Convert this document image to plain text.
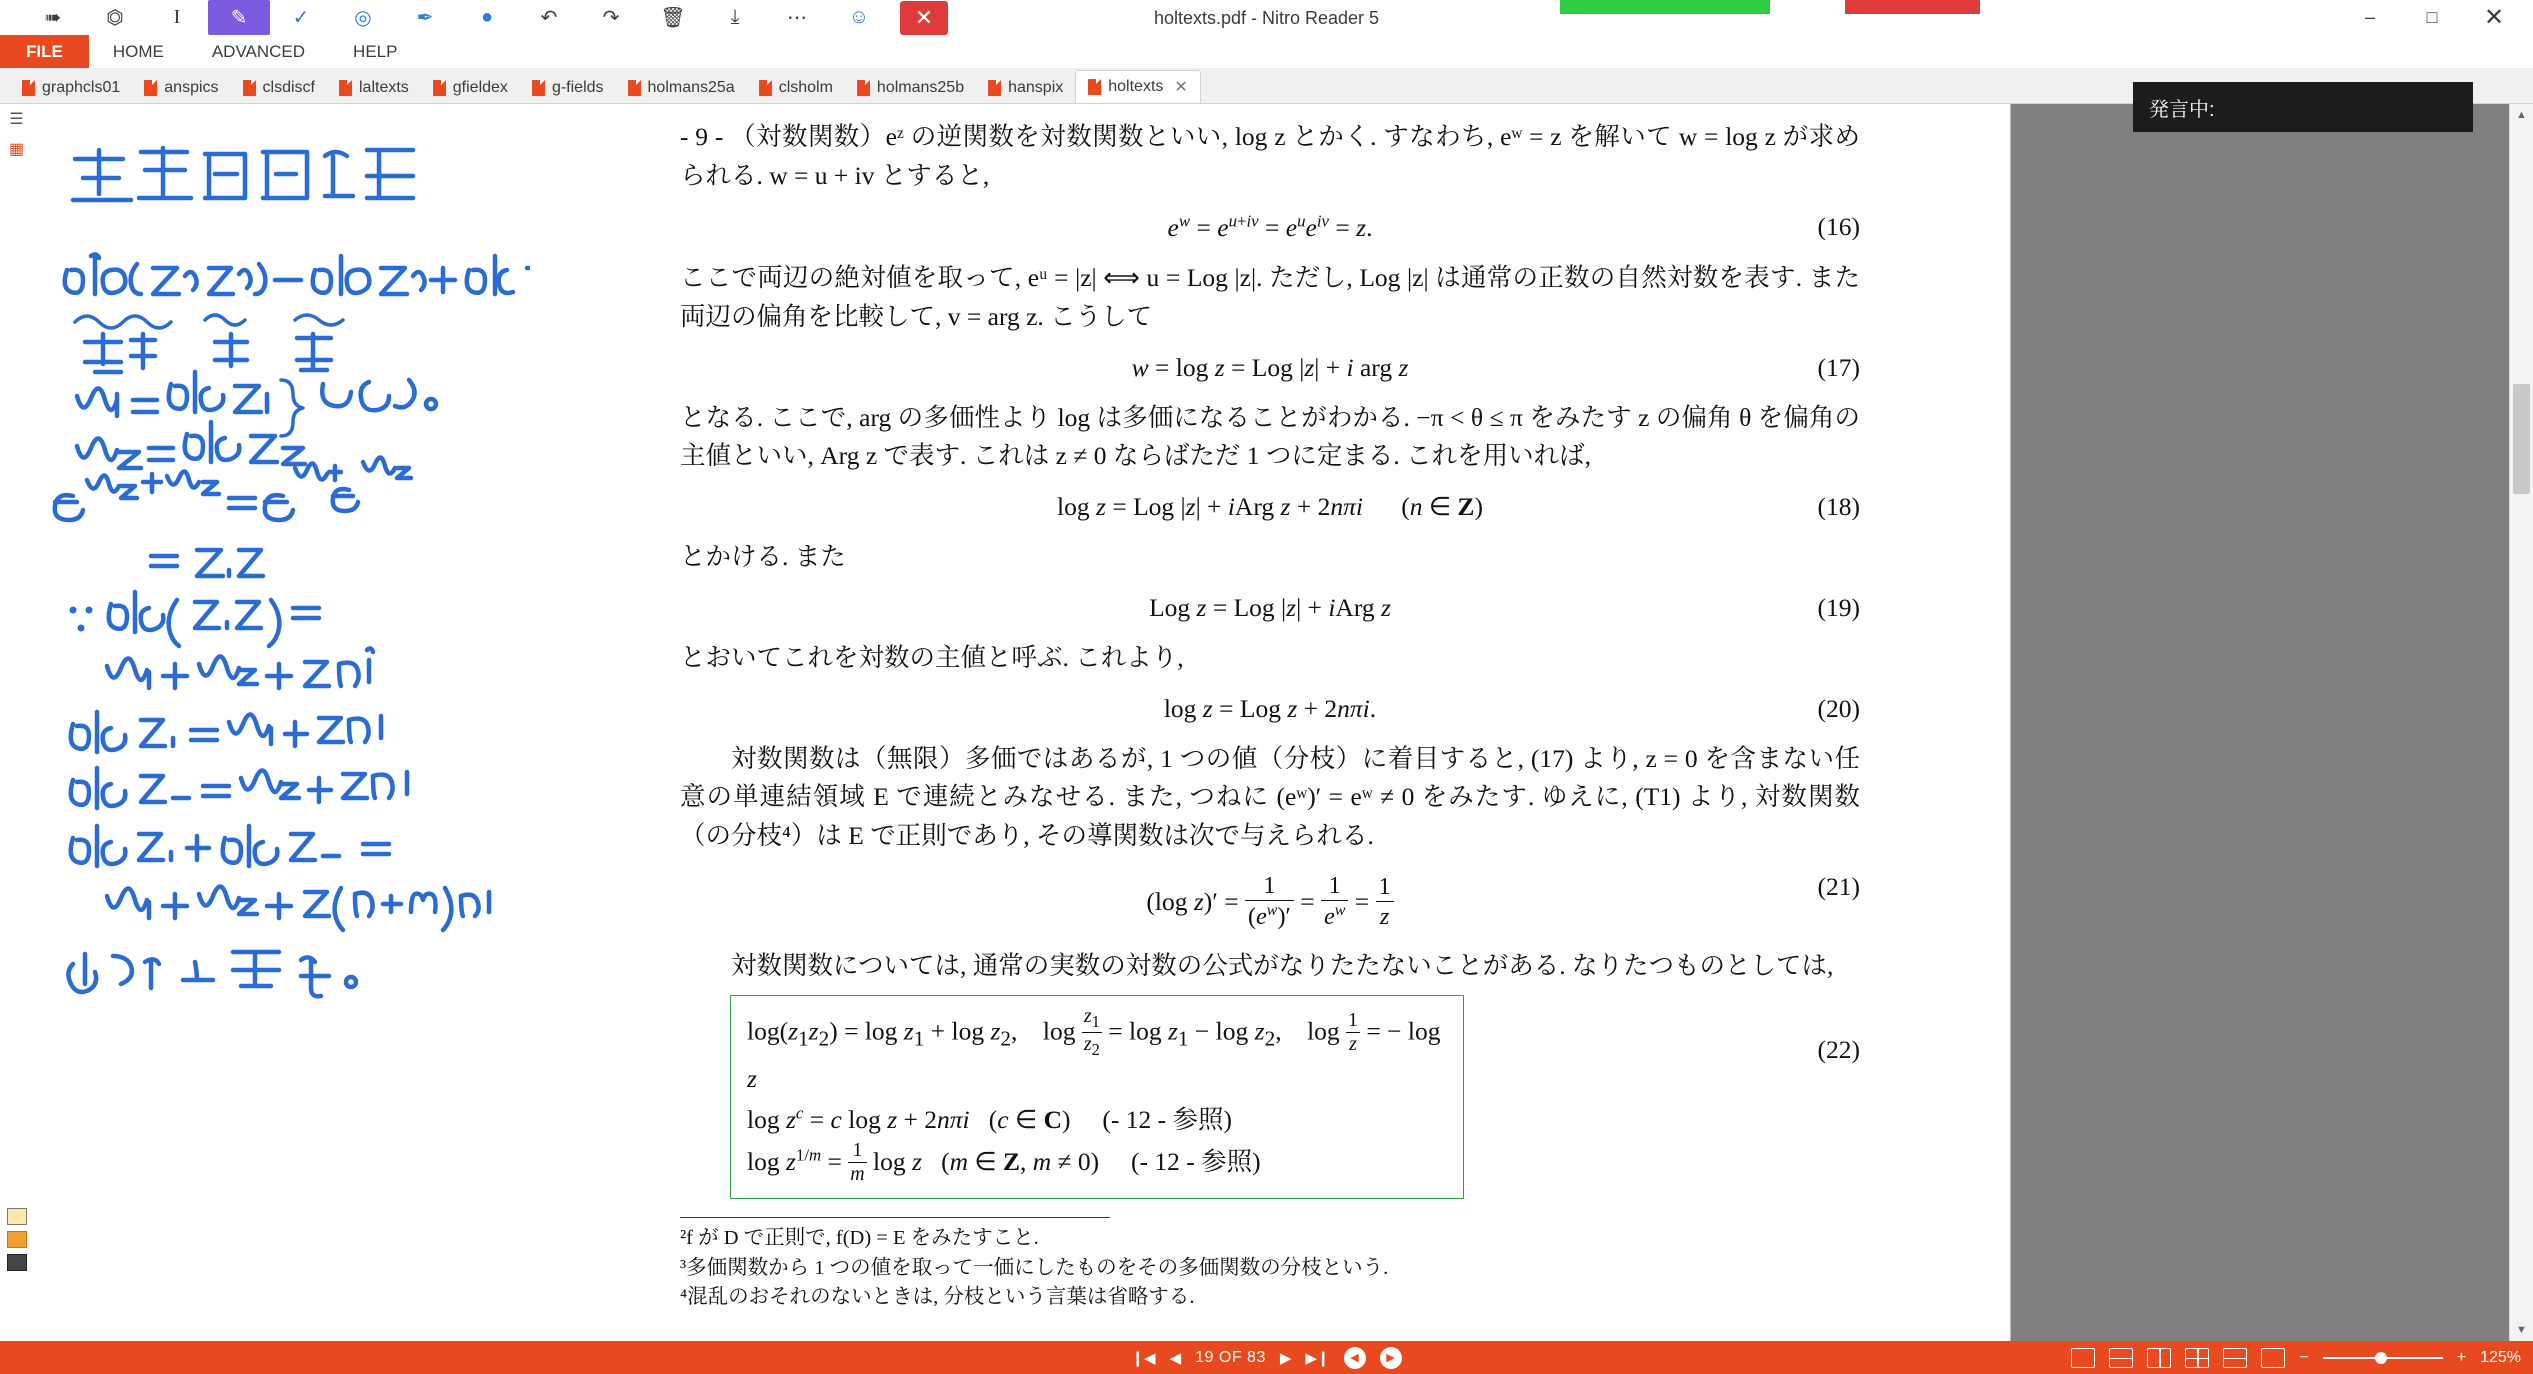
➠	⏣	I	✎	✓	◎	✒	●	↶	↷	🗑	⤓	⋯	☺	✕	holtexts.pdf - Nitro Reader 5	–	□	✕
FILE	HOME	ADVANCED	HELP
graphcls01	anspics	clsdiscf	laltexts	gfieldex	g-fields	holmans25a	clsholm	holmans25b	hanspix	holtexts ✕
☰
▦	- 9 - （対数関数）eᶻ の逆関数を対数関数といい, log z とかく. すなわち, eʷ = z を解いて w = log z が求められる. w = u + iv とすると,

$e^w = e^{u+iv} = e^ue^{iv} = z$.	(16)

ここで両辺の絶対値を取って, eᵘ = |z| ⟺ u = Log |z|. ただし, Log |z| は通常の正数の自然対数を表す. また両辺の偏角を比較して, v = arg z. こうして

w = log z = Log |z| + i arg z	(17)

となる. ここで, arg の多価性より log は多価になることがわかる. −π < θ ≤ π をみたす z の偏角 θ を偏角の主値といい, Arg z で表す. これは z ≠ 0 ならばただ 1 つに定まる. これを用いれば,

log z = Log |z| + iArg z + 2nπi      (n ∈ Z)	(18)

とかける. また

Log z = Log |z| + iArg z	(19)

とおいてこれを対数の主値と呼ぶ. これより,

log z = Log z + 2nπi.	(20)

対数関数は（無限）多価ではあるが, 1 つの値（分枝）に着目すると, (17) より, z = 0 を含まない任意の単連結領域 E で連続とみなせる. また, つねに (eʷ)′ = eʷ ≠ 0 をみたす. ゆえに, (T1) より, 対数関数（の分枝⁴）は E で正則であり, その導関数は次で与えられる.

(log $z)' = \frac{1}{(e^w)'} = \frac{1}{e^w} = \frac{1}{z}$	(21)

対数関数については, 通常の実数の対数の公式がなりたたないことがある. なりたつものとしては,

$\log(z_1z_2) = \log z_1 + \log z_2$,    $\log \frac{z_1}{z_2} = \log z_1 - \log z_2$,    $\log \frac{1}{z}$ = − log z
$\log z^c = c$ log z + 2nπi   (c ∈ C)     (- 12 - 参照)
$\log z^{1/m} = \frac{1}{m}$ log z   (m ∈ Z, m ≠ 0)     (- 12 - 参照)
(22)
²f が D で正則で, f(D) = E をみたすこと.
³多価関数から 1 つの値を取って一価にしたものをその多価関数の分枝という.
⁴混乱のおそれのないときは, 分枝という言葉は省略する.
▲
▼
発言中:
❙◀ ◀ 19 OF 83 ▶ ▶❙	◀	▶	−	+ 125%
